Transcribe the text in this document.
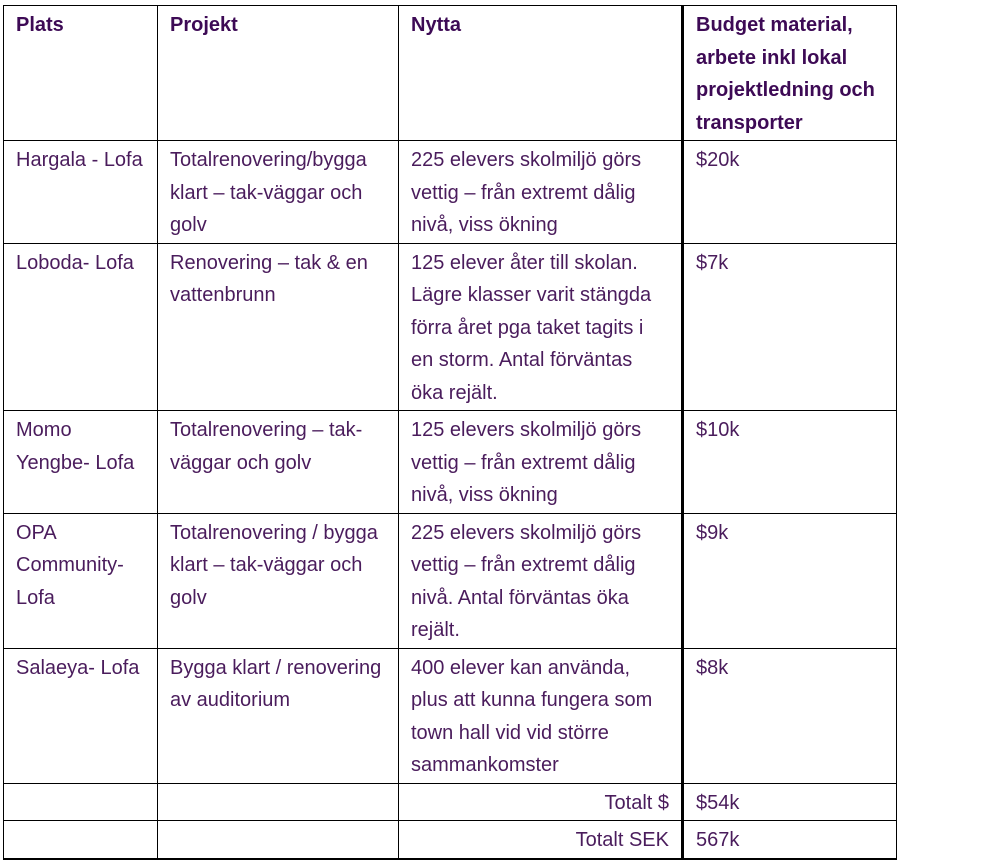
Plats	Projekt	Nytta	Budget material, arbete inkl lokal projektledning och transporter
Hargala - Lofa	Totalrenovering/bygga klart – tak-väggar och golv	225 elevers skolmiljö görs vettig – från extremt dålig nivå, viss ökning	$20k
Loboda- Lofa	Renovering – tak & en vattenbrunn	125 elever åter till skolan. Lägre klasser varit stängda förra året pga taket tagits i en storm. Antal förväntas öka rejält.	$7k
Momo Yengbe- Lofa	Totalrenovering – tak-väggar och golv	125 elevers skolmiljö görs vettig – från extremt dålig nivå, viss ökning	$10k
OPA Community- Lofa	Totalrenovering / bygga klart – tak-väggar och golv	225 elevers skolmiljö görs vettig – från extremt dålig nivå. Antal förväntas öka rejält.	$9k
Salaeya- Lofa	Bygga klart / renovering av auditorium	400 elever kan använda, plus att kunna fungera som town hall vid vid större sammankomster	$8k
		Totalt $	$54k
		Totalt SEK	567k
